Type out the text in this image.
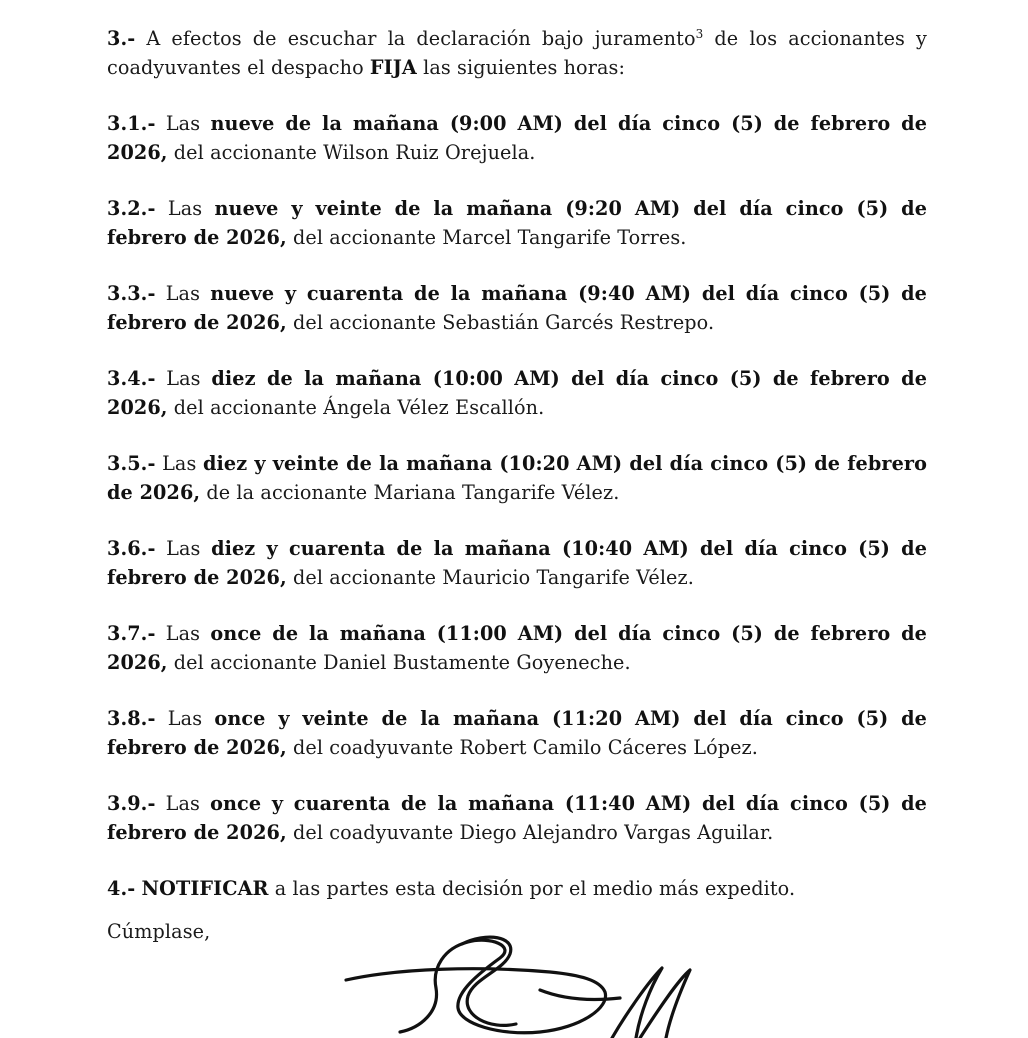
3.- A efectos de escuchar la declaración bajo juramento$^3$ de los accionantes y coadyuvantes el despacho FIJA las siguientes horas:

3.1.- Las nueve de la mañana (9:00 AM) del día cinco (5) de febrero de 2026, del accionante Wilson Ruiz Orejuela.

3.2.- Las nueve y veinte de la mañana (9:20 AM) del día cinco (5) de febrero de 2026, del accionante Marcel Tangarife Torres.

3.3.- Las nueve y cuarenta de la mañana (9:40 AM) del día cinco (5) de febrero de 2026, del accionante Sebastián Garcés Restrepo.

3.4.- Las diez de la mañana (10:00 AM) del día cinco (5) de febrero de 2026, del accionante Ángela Vélez Escallón.

3.5.- Las diez y veinte de la mañana (10:20 AM) del día cinco (5) de febrero de 2026, de la accionante Mariana Tangarife Vélez.

3.6.- Las diez y cuarenta de la mañana (10:40 AM) del día cinco (5) de febrero de 2026, del accionante Mauricio Tangarife Vélez.

3.7.- Las once de la mañana (11:00 AM) del día cinco (5) de febrero de 2026, del accionante Daniel Bustamente Goyeneche.

3.8.- Las once y veinte de la mañana (11:20 AM) del día cinco (5) de febrero de 2026, del coadyuvante Robert Camilo Cáceres López.

3.9.- Las once y cuarenta de la mañana (11:40 AM) del día cinco (5) de febrero de 2026, del coadyuvante Diego Alejandro Vargas Aguilar.

4.- NOTIFICAR a las partes esta decisión por el medio más expedito.

Cúmplase,
